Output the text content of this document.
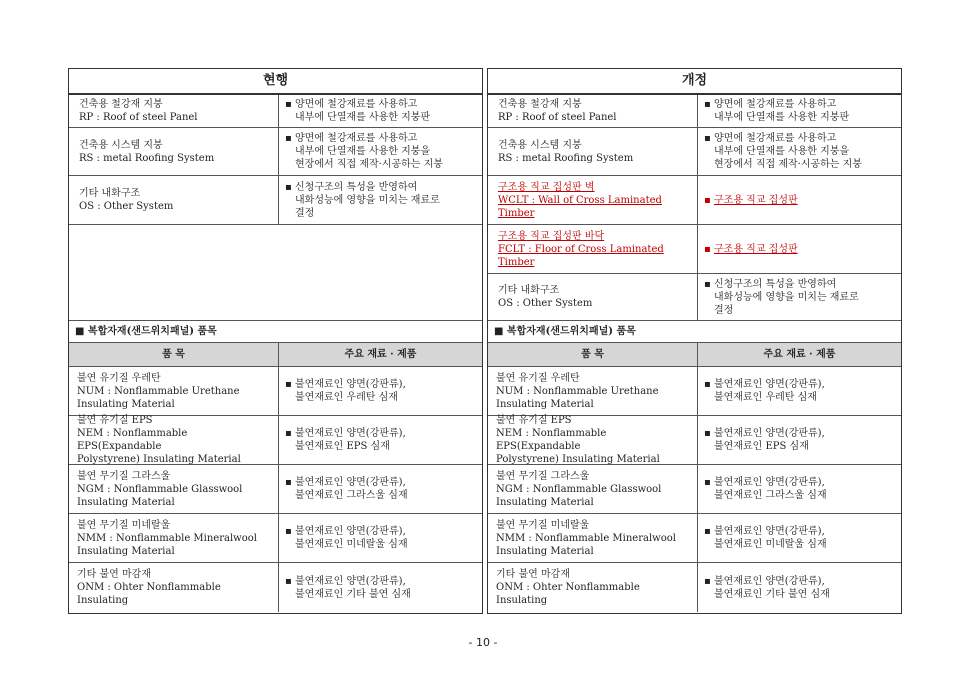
현행
건축용 철강재 지붕
RP : Roof of steel Panel
▪ 양면에 철강재료를 사용하고
내부에 단열재를 사용한 지붕판
건축용 시스템 지붕
RS : metal Roofing System
▪ 양면에 철강재료를 사용하고
내부에 단열재를 사용한 지붕을
현장에서 직접 제작·시공하는 지붕
기타 내화구조
OS : Other System
▪ 신청구조의 특성을 반영하여
내화성능에 영향을 미치는 재료로
결정
■ 복합자재(샌드위치패널) 품목
품 목	주요 재료 · 제품
불연 유기질 우레탄
NUM : Nonflammable Urethane
Insulating Material
▪ 불연재료인 양면(강판류),
불연재료인 우레탄 심재
불연 유기질 EPS
NEM : Nonflammable EPS(Expandable
Polystyrene) Insulating Material
▪ 불연재료인 양면(강판류),
불연재료인 EPS 심재
불연 무기질 그라스울
NGM : Nonflammable Glasswool
Insulating Material
▪ 불연재료인 양면(강판류),
불연재료인 그라스울 심재
불연 무기질 미네랄울
NMM : Nonflammable Mineralwool
Insulating Material
▪ 불연재료인 양면(강판류),
불연재료인 미네랄울 심재
기타 불연 마감재
ONM : Ohter Nonflammable Insulating
▪ 불연재료인 양면(강판류),
불연재료인 기타 불연 심재
개정
건축용 철강재 지붕
RP : Roof of steel Panel
▪ 양면에 철강재료를 사용하고
내부에 단열재를 사용한 지붕판
건축용 시스템 지붕
RS : metal Roofing System
▪ 양면에 철강재료를 사용하고
내부에 단열재를 사용한 지붕을
현장에서 직접 제작·시공하는 지붕
구조용 직교 집성판 벽
WCLT : Wall of Cross Laminated
Timber
▪ 구조용 직교 집성판
구조용 직교 집성판 바닥
FCLT : Floor of Cross Laminated
Timber
▪ 구조용 직교 집성판
기타 내화구조
OS : Other System
▪ 신청구조의 특성을 반영하여
내화성능에 영향을 미치는 재료로
결정
■ 복합자재(샌드위치패널) 품목
품 목	주요 재료 · 제품
불연 유기질 우레탄
NUM : Nonflammable Urethane
Insulating Material
▪ 불연재료인 양면(강판류),
불연재료인 우레탄 심재
불연 유기질 EPS
NEM : Nonflammable EPS(Expandable
Polystyrene) Insulating Material
▪ 불연재료인 양면(강판류),
불연재료인 EPS 심재
불연 무기질 그라스울
NGM : Nonflammable Glasswool
Insulating Material
▪ 불연재료인 양면(강판류),
불연재료인 그라스울 심재
불연 무기질 미네랄울
NMM : Nonflammable Mineralwool
Insulating Material
▪ 불연재료인 양면(강판류),
불연재료인 미네랄울 심재
기타 불연 마감재
ONM : Ohter Nonflammable Insulating
▪ 불연재료인 양면(강판류),
불연재료인 기타 불연 심재
- 10 -
